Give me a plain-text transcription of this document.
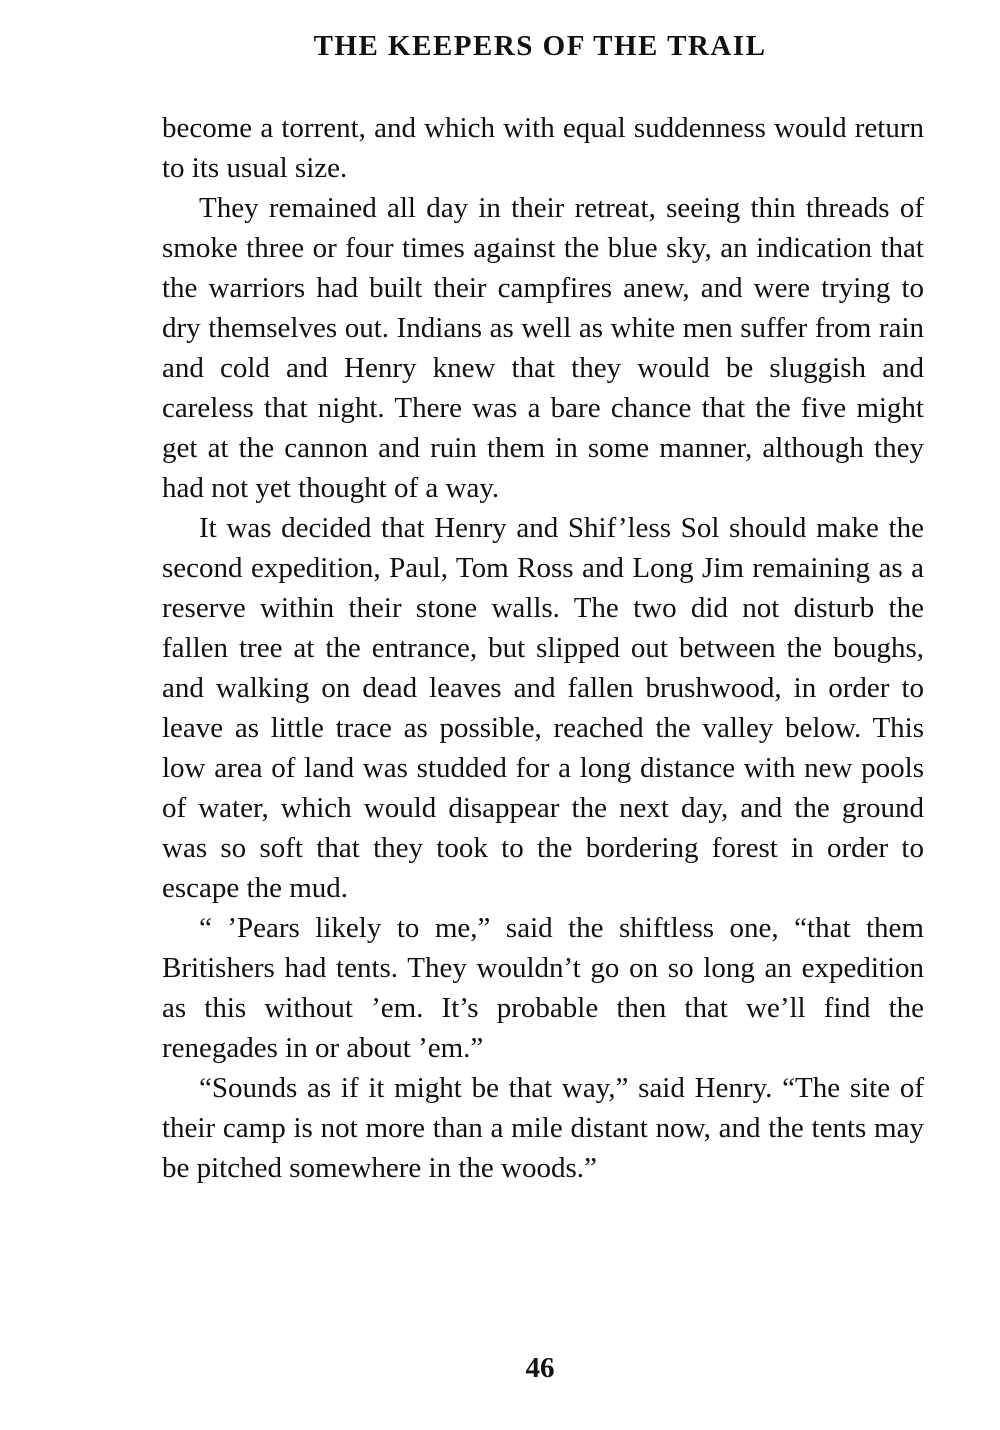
THE KEEPERS OF THE TRAIL

become a torrent, and which with equal suddenness would return to its usual size.

They remained all day in their retreat, seeing thin threads of smoke three or four times against the blue sky, an indication that the warriors had built their campfires anew, and were trying to dry themselves out. Indians as well as white men suffer from rain and cold and Henry knew that they would be sluggish and careless that night. There was a bare chance that the five might get at the cannon and ruin them in some manner, although they had not yet thought of a way.

It was decided that Henry and Shif’less Sol should make the second expedition, Paul, Tom Ross and Long Jim remaining as a reserve within their stone walls. The two did not disturb the fallen tree at the entrance, but slipped out between the boughs, and walking on dead leaves and fallen brushwood, in order to leave as little trace as possible, reached the valley below. This low area of land was studded for a long distance with new pools of water, which would disappear the next day, and the ground was so soft that they took to the bordering forest in order to escape the mud.

“ ’Pears likely to me,” said the shiftless one, “that them Britishers had tents. They wouldn’t go on so long an expedition as this without ’em. It’s probable then that we’ll find the renegades in or about ’em.”

“Sounds as if it might be that way,” said Henry. “The site of their camp is not more than a mile distant now, and the tents may be pitched somewhere in the woods.”

46
